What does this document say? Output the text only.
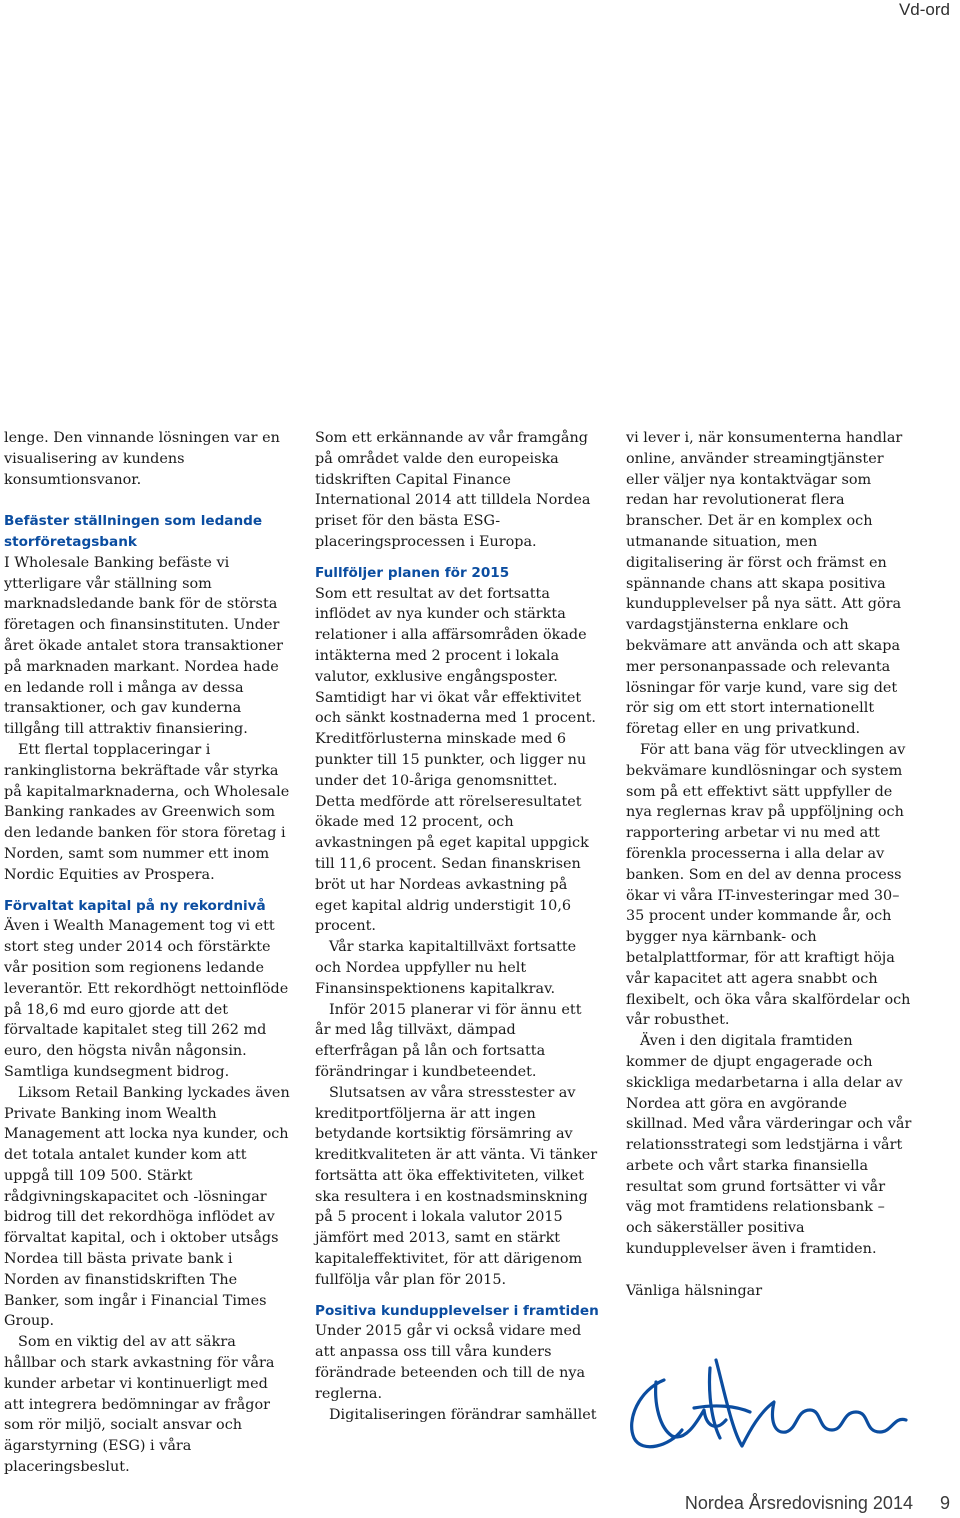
Vd-ord

lenge. Den vinnande lösningen var en visualisering av kundens konsumtionsvanor.

Befäster ställningen som ledande storföretagsbank

I Wholesale Banking befäste vi ytterligare vår ställning som marknadsledande bank för de största företagen och finansinstituten. Under året ökade antalet stora transaktioner på marknaden markant. Nordea hade en ledande roll i många av dessa transaktioner, och gav kunderna tillgång till attraktiv finansiering.

Ett flertal topplaceringar i rankinglistorna bekräftade vår styrka på kapitalmarknaderna, och Wholesale Banking rankades av Greenwich som den ledande banken för stora företag i Norden, samt som nummer ett inom Nordic Equities av Prospera.

Förvaltat kapital på ny rekordnivå

Även i Wealth Management tog vi ett stort steg under 2014 och förstärkte vår position som regionens ledande leverantör. Ett rekordhögt nettoinflöde på 18,6 md euro gjorde att det förvaltade kapitalet steg till 262 md euro, den högsta nivån någonsin. Samtliga kundsegment bidrog.

Liksom Retail Banking lyckades även Private Banking inom Wealth Management att locka nya kunder, och det totala antalet kunder kom att uppgå till 109 500. Stärkt rådgivningskapacitet och -lösningar bidrog till det rekordhöga inflödet av förvaltat kapital, och i oktober utsågs Nordea till bästa private bank i Norden av finanstidskriften The Banker, som ingår i Financial Times Group.

Som en viktig del av att säkra hållbar och stark avkastning för våra kunder arbetar vi kontinuerligt med att integrera bedömningar av frågor som rör miljö, socialt ansvar och ägarstyrning (ESG) i våra placeringsbeslut.

Som ett erkännande av vår framgång på området valde den europeiska tidskriften Capital Finance International 2014 att tilldela Nordea priset för den bästa ESG-placeringsprocessen i Europa.

Fullföljer planen för 2015

Som ett resultat av det fortsatta inflödet av nya kunder och stärkta relationer i alla affärsområden ökade intäkterna med 2 procent i lokala valutor, exklusive engångsposter. Samtidigt har vi ökat vår effektivitet och sänkt kostnaderna med 1 procent. Kreditförlusterna minskade med 6 punkter till 15 punkter, och ligger nu under det 10-åriga genomsnittet. Detta medförde att rörelseresultatet ökade med 12 procent, och avkastningen på eget kapital uppgick till 11,6 procent. Sedan finanskrisen bröt ut har Nordeas avkastning på eget kapital aldrig understigit 10,6 procent.

Vår starka kapitaltillväxt fortsatte och Nordea uppfyller nu helt Finansinspektionens kapitalkrav.

Inför 2015 planerar vi för ännu ett år med låg tillväxt, dämpad efterfrågan på lån och fortsatta förändringar i kundbeteendet.

Slutsatsen av våra stresstester av kreditportföljerna är att ingen betydande kortsiktig försämring av kreditkvaliteten är att vänta. Vi tänker fortsätta att öka effektiviteten, vilket ska resultera i en kostnadsminskning på 5 procent i lokala valutor 2015 jämfört med 2013, samt en stärkt kapitaleffektivitet, för att därigenom fullfölja vår plan för 2015.

Positiva kundupplevelser i framtiden

Under 2015 går vi också vidare med att anpassa oss till våra kunders förändrade beteenden och till de nya reglerna.

Digitaliseringen förändrar samhället

vi lever i, när konsumenterna handlar online, använder streamingtjänster eller väljer nya kontaktvägar som redan har revolutionerat flera branscher. Det är en komplex och utmanande situation, men digitalisering är först och främst en spännande chans att skapa positiva kundupplevelser på nya sätt. Att göra vardagstjänsterna enklare och bekvämare att använda och att skapa mer personanpassade och relevanta lösningar för varje kund, vare sig det rör sig om ett stort internationellt företag eller en ung privatkund.

För att bana väg för utvecklingen av bekvämare kundlösningar och system som på ett effektivt sätt uppfyller de nya reglernas krav på uppföljning och rapportering arbetar vi nu med att förenkla processerna i alla delar av banken. Som en del av denna process ökar vi våra IT-investeringar med 30–35 procent under kommande år, och bygger nya kärnbank- och betalplattformar, för att kraftigt höja vår kapacitet att agera snabbt och flexibelt, och öka våra skalfördelar och vår robusthet.

Även i den digitala framtiden kommer de djupt engagerade och skickliga medarbetarna i alla delar av Nordea att göra en avgörande skillnad. Med våra värderingar och vår relationsstrategi som ledstjärna i vårt arbete och vårt starka finansiella resultat som grund fortsätter vi vår väg mot framtidens relationsbank – och säkerställer positiva kundupplevelser även i framtiden.

Vänliga hälsningar

Nordea Årsredovisning 2014 9
